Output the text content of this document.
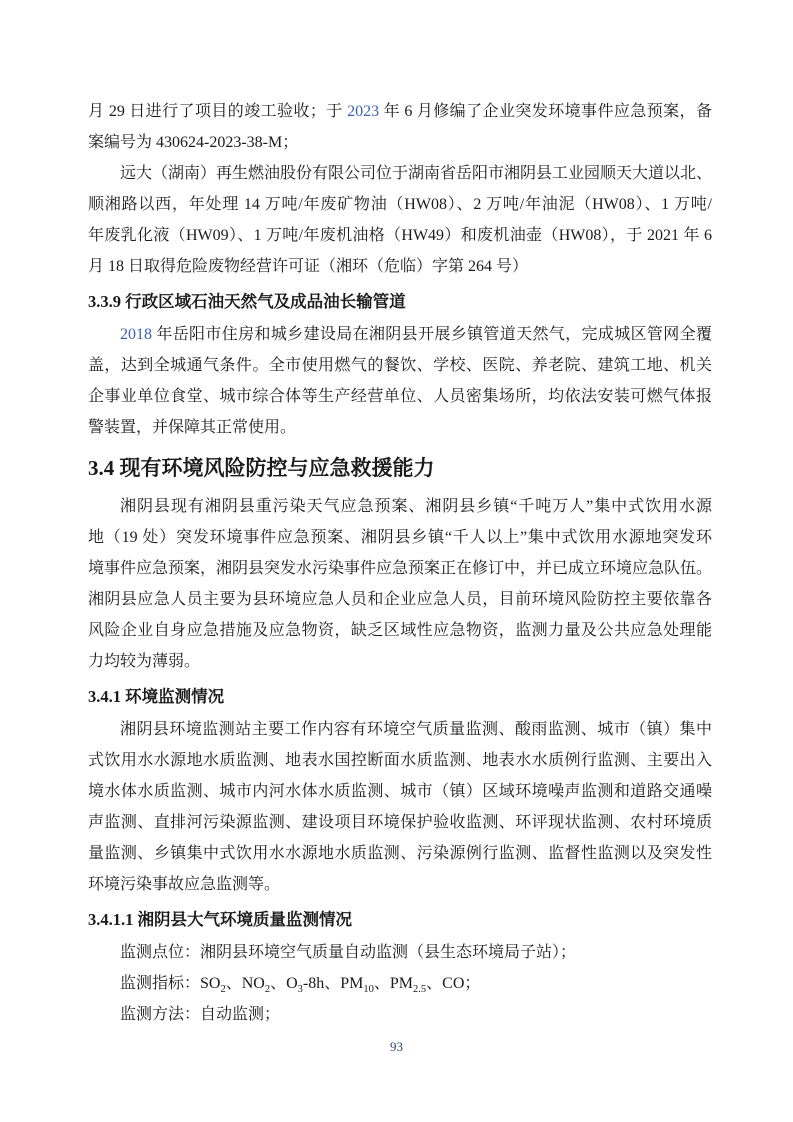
月 29 日进行了项目的竣工验收；于 2023 年 6 月修编了企业突发环境事件应急预案，备
案编号为 430624-2023-38-M；
远大（湖南）再生燃油股份有限公司位于湖南省岳阳市湘阴县工业园顺天大道以北、
顺湘路以西，年处理 14 万吨/年废矿物油（HW08）、2 万吨/年油泥（HW08）、1 万吨/
年废乳化液（HW09）、1 万吨/年废机油格（HW49）和废机油壶（HW08），于 2021 年 6
月 18 日取得危险废物经营许可证（湘环（危临）字第 264 号）
3.3.9 行政区域石油天然气及成品油长输管道
2018 年岳阳市住房和城乡建设局在湘阴县开展乡镇管道天然气，完成城区管网全覆
盖，达到全城通气条件。全市使用燃气的餐饮、学校、医院、养老院、建筑工地、机关
企事业单位食堂、城市综合体等生产经营单位、人员密集场所，均依法安装可燃气体报
警装置，并保障其正常使用。
3.4 现有环境风险防控与应急救援能力
湘阴县现有湘阴县重污染天气应急预案、湘阴县乡镇“千吨万人”集中式饮用水源
地（19 处）突发环境事件应急预案、湘阴县乡镇“千人以上”集中式饮用水源地突发环
境事件应急预案，湘阴县突发水污染事件应急预案正在修订中，并已成立环境应急队伍。
湘阴县应急人员主要为县环境应急人员和企业应急人员，目前环境风险防控主要依靠各
风险企业自身应急措施及应急物资，缺乏区域性应急物资，监测力量及公共应急处理能
力均较为薄弱。
3.4.1 环境监测情况
湘阴县环境监测站主要工作内容有环境空气质量监测、酸雨监测、城市（镇）集中
式饮用水水源地水质监测、地表水国控断面水质监测、地表水水质例行监测、主要出入
境水体水质监测、城市内河水体水质监测、城市（镇）区域环境噪声监测和道路交通噪
声监测、直排河污染源监测、建设项目环境保护验收监测、环评现状监测、农村环境质
量监测、乡镇集中式饮用水水源地水质监测、污染源例行监测、监督性监测以及突发性
环境污染事故应急监测等。
3.4.1.1 湘阴县大气环境质量监测情况
监测点位：湘阴县环境空气质量自动监测（县生态环境局子站）；
监测指标：$SO_2$、$NO_2$、$O_3-8h$、$PM_{10}$、$PM_{2.5}$、CO；
监测方法：自动监测；
93
